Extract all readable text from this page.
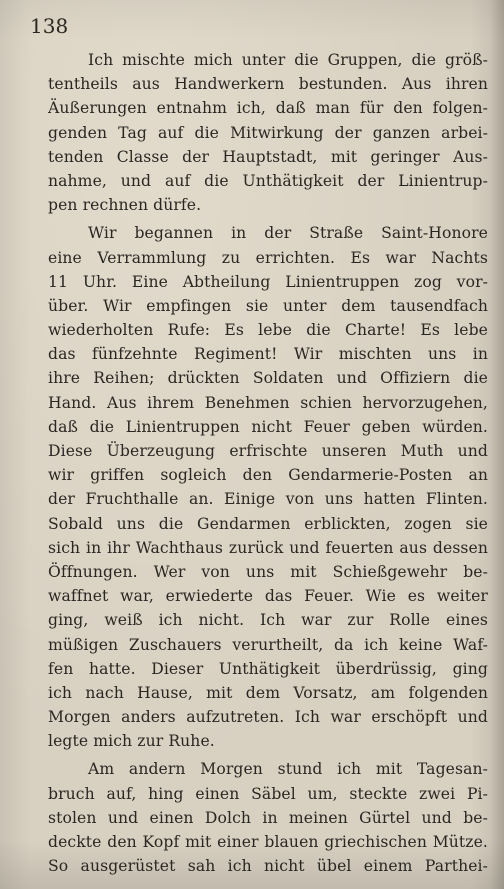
138
Ich mischte mich unter die Gruppen, die größ-
tentheils aus Handwerkern bestunden. Aus ihren
Äußerungen entnahm ich, daß man für den folgen-
genden Tag auf die Mitwirkung der ganzen arbei-
tenden Classe der Hauptstadt, mit geringer Aus-
nahme, und auf die Unthätigkeit der Linientrup-
pen rechnen dürfe.
Wir begannen in der Straße Saint-Honore
eine Verrammlung zu errichten. Es war Nachts
11 Uhr. Eine Abtheilung Linientruppen zog vor-
über. Wir empfingen sie unter dem tausendfach
wiederholten Rufe: Es lebe die Charte! Es lebe
das fünfzehnte Regiment! Wir mischten uns in
ihre Reihen; drückten Soldaten und Offiziern die
Hand. Aus ihrem Benehmen schien hervorzugehen,
daß die Linientruppen nicht Feuer geben würden.
Diese Überzeugung erfrischte unseren Muth und
wir griffen sogleich den Gendarmerie-Posten an
der Fruchthalle an. Einige von uns hatten Flinten.
Sobald uns die Gendarmen erblickten, zogen sie
sich in ihr Wachthaus zurück und feuerten aus dessen
Öffnungen. Wer von uns mit Schießgewehr be-
waffnet war, erwiederte das Feuer. Wie es weiter
ging, weiß ich nicht. Ich war zur Rolle eines
müßigen Zuschauers verurtheilt, da ich keine Waf-
fen hatte. Dieser Unthätigkeit überdrüssig, ging
ich nach Hause, mit dem Vorsatz, am folgenden
Morgen anders aufzutreten. Ich war erschöpft und
legte mich zur Ruhe.
Am andern Morgen stund ich mit Tagesan-
bruch auf, hing einen Säbel um, steckte zwei Pi-
stolen und einen Dolch in meinen Gürtel und be-
deckte den Kopf mit einer blauen griechischen Mütze.
So ausgerüstet sah ich nicht übel einem Parthei-
